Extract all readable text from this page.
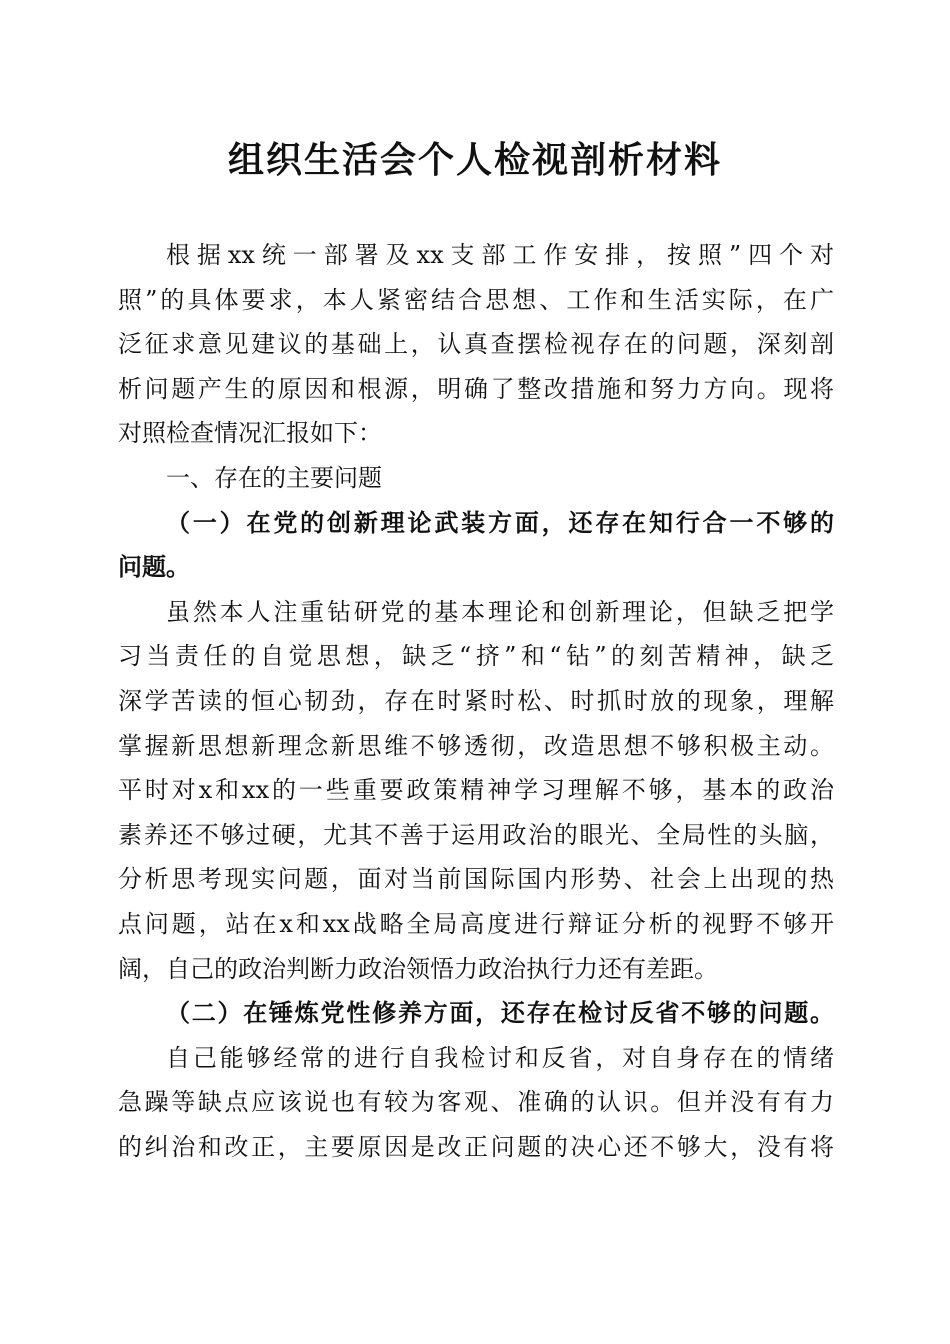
组织生活会个人检视剖析材料
根据xx统一部署及xx支部工作安排，按照”四个对
照”的具体要求，本人紧密结合思想、工作和生活实际，在广
泛征求意见建议的基础上，认真查摆检视存在的问题，深刻剖
析问题产生的原因和根源，明确了整改措施和努力方向。现将
对照检查情况汇报如下：
一、存在的主要问题
（一）在党的创新理论武装方面，还存在知行合一不够的
问题。
虽然本人注重钻研党的基本理论和创新理论，但缺乏把学
习当责任的自觉思想，缺乏“挤”和“钻”的刻苦精神，缺乏
深学苦读的恒心韧劲，存在时紧时松、时抓时放的现象，理解
掌握新思想新理念新思维不够透彻，改造思想不够积极主动。
平时对x和xx的一些重要政策精神学习理解不够，基本的政治
素养还不够过硬，尤其不善于运用政治的眼光、全局性的头脑，
分析思考现实问题，面对当前国际国内形势、社会上出现的热
点问题，站在x和xx战略全局高度进行辩证分析的视野不够开
阔，自己的政治判断力政治领悟力政治执行力还有差距。
（二）在锤炼党性修养方面，还存在检讨反省不够的问题。
自己能够经常的进行自我检讨和反省，对自身存在的情绪
急躁等缺点应该说也有较为客观、准确的认识。但并没有有力
的纠治和改正，主要原因是改正问题的决心还不够大，没有将
